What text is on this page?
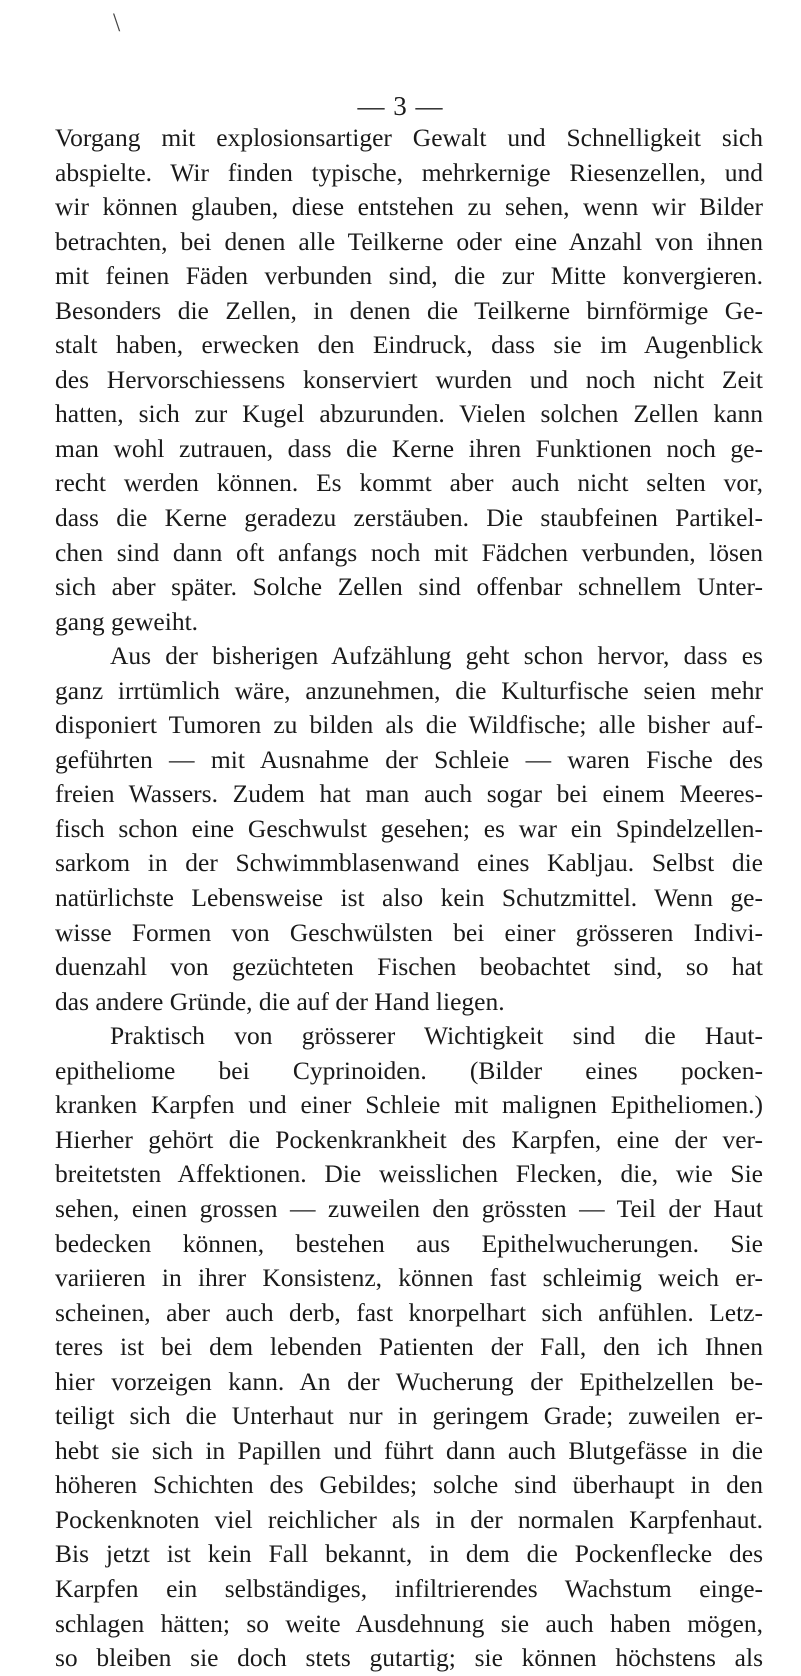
\
— 3 —
Vorgang mit explosionsartiger Gewalt und Schnelligkeit sich
abspielte. Wir finden typische, mehrkernige Riesenzellen, und
wir können glauben, diese entstehen zu sehen, wenn wir Bilder
betrachten, bei denen alle Teilkerne oder eine Anzahl von ihnen
mit feinen Fäden verbunden sind, die zur Mitte konvergieren.
Besonders die Zellen, in denen die Teilkerne birnförmige Ge-
stalt haben, erwecken den Eindruck, dass sie im Augenblick
des Hervorschiessens konserviert wurden und noch nicht Zeit
hatten, sich zur Kugel abzurunden. Vielen solchen Zellen kann
man wohl zutrauen, dass die Kerne ihren Funktionen noch ge-
recht werden können. Es kommt aber auch nicht selten vor,
dass die Kerne geradezu zerstäuben. Die staubfeinen Partikel-
chen sind dann oft anfangs noch mit Fädchen verbunden, lösen
sich aber später. Solche Zellen sind offenbar schnellem Unter-
gang geweiht.
Aus der bisherigen Aufzählung geht schon hervor, dass es
ganz irrtümlich wäre, anzunehmen, die Kulturfische seien mehr
disponiert Tumoren zu bilden als die Wildfische; alle bisher auf-
geführten — mit Ausnahme der Schleie — waren Fische des
freien Wassers. Zudem hat man auch sogar bei einem Meeres-
fisch schon eine Geschwulst gesehen; es war ein Spindelzellen-
sarkom in der Schwimmblasenwand eines Kabljau. Selbst die
natürlichste Lebensweise ist also kein Schutzmittel. Wenn ge-
wisse Formen von Geschwülsten bei einer grösseren Indivi-
duenzahl von gezüchteten Fischen beobachtet sind, so hat
das andere Gründe, die auf der Hand liegen.
Praktisch von grösserer Wichtigkeit sind die Haut-
epitheliome bei Cyprinoiden. (Bilder eines pocken-
kranken Karpfen und einer Schleie mit malignen Epitheliomen.)
Hierher gehört die Pockenkrankheit des Karpfen, eine der ver-
breitetsten Affektionen. Die weisslichen Flecken, die, wie Sie
sehen, einen grossen — zuweilen den grössten — Teil der Haut
bedecken können, bestehen aus Epithelwucherungen. Sie
variieren in ihrer Konsistenz, können fast schleimig weich er-
scheinen, aber auch derb, fast knorpelhart sich anfühlen. Letz-
teres ist bei dem lebenden Patienten der Fall, den ich Ihnen
hier vorzeigen kann. An der Wucherung der Epithelzellen be-
teiligt sich die Unterhaut nur in geringem Grade; zuweilen er-
hebt sie sich in Papillen und führt dann auch Blutgefässe in die
höheren Schichten des Gebildes; solche sind überhaupt in den
Pockenknoten viel reichlicher als in der normalen Karpfenhaut.
Bis jetzt ist kein Fall bekannt, in dem die Pockenflecke des
Karpfen ein selbständiges, infiltrierendes Wachstum einge-
schlagen hätten; so weite Ausdehnung sie auch haben mögen,
so bleiben sie doch stets gutartig; sie können höchstens als
